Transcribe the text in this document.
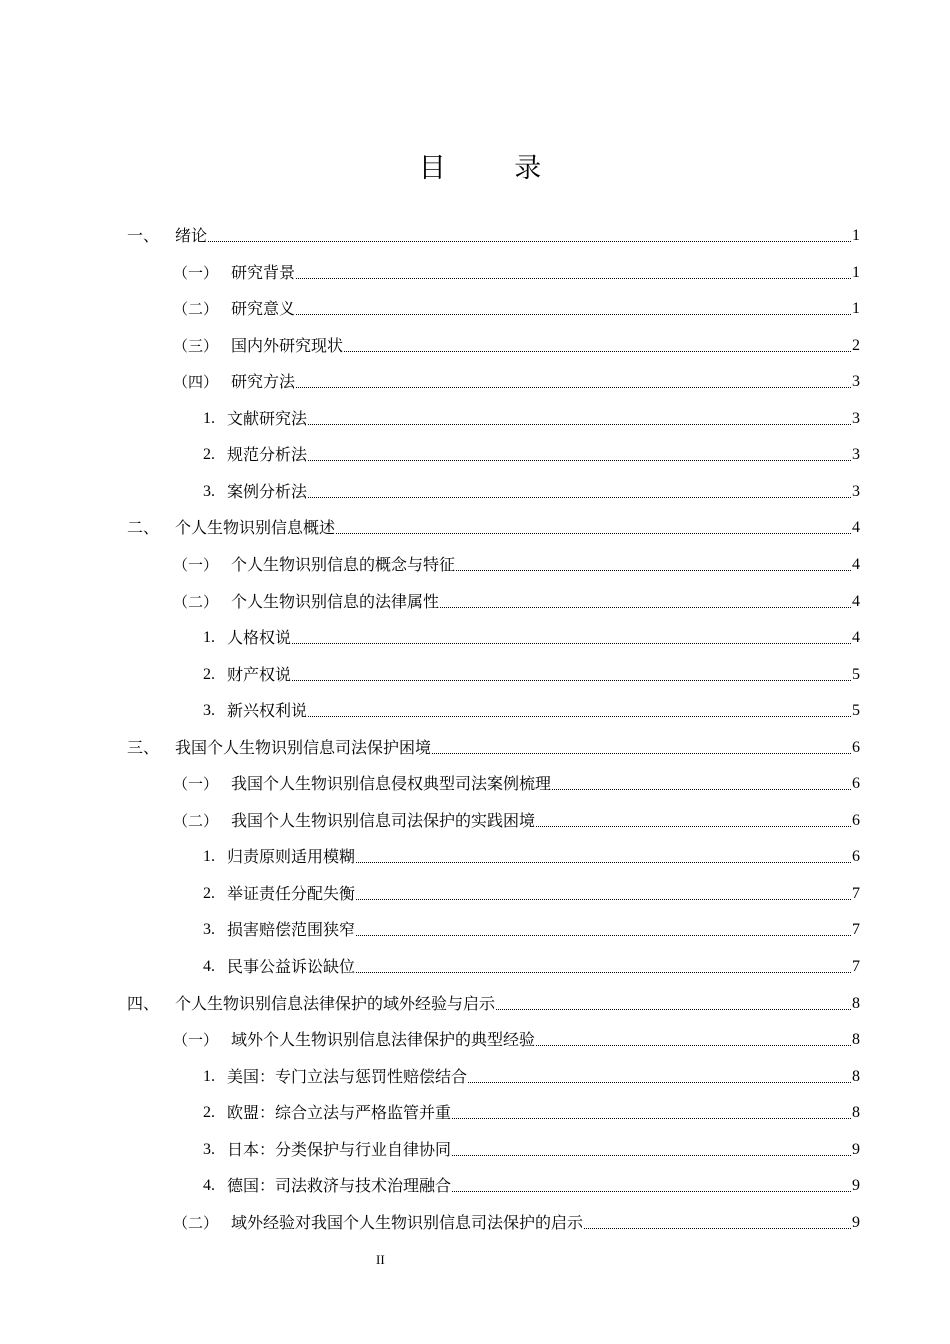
目 录
一、 绪论	1
（一） 研究背景	1
（二） 研究意义	1
（三） 国内外研究现状	2
（四） 研究方法	3
1. 文献研究法	3
2. 规范分析法	3
3. 案例分析法	3
二、 个人生物识别信息概述	4
（一） 个人生物识别信息的概念与特征	4
（二） 个人生物识别信息的法律属性	4
1. 人格权说	4
2. 财产权说	5
3. 新兴权利说	5
三、 我国个人生物识别信息司法保护困境	6
（一） 我国个人生物识别信息侵权典型司法案例梳理	6
（二） 我国个人生物识别信息司法保护的实践困境	6
1. 归责原则适用模糊	6
2. 举证责任分配失衡	7
3. 损害赔偿范围狭窄	7
4. 民事公益诉讼缺位	7
四、 个人生物识别信息法律保护的域外经验与启示	8
（一） 域外个人生物识别信息法律保护的典型经验	8
1. 美国：专门立法与惩罚性赔偿结合	8
2. 欧盟：综合立法与严格监管并重	8
3. 日本：分类保护与行业自律协同	9
4. 德国：司法救济与技术治理融合	9
（二） 域外经验对我国个人生物识别信息司法保护的启示	9
II
